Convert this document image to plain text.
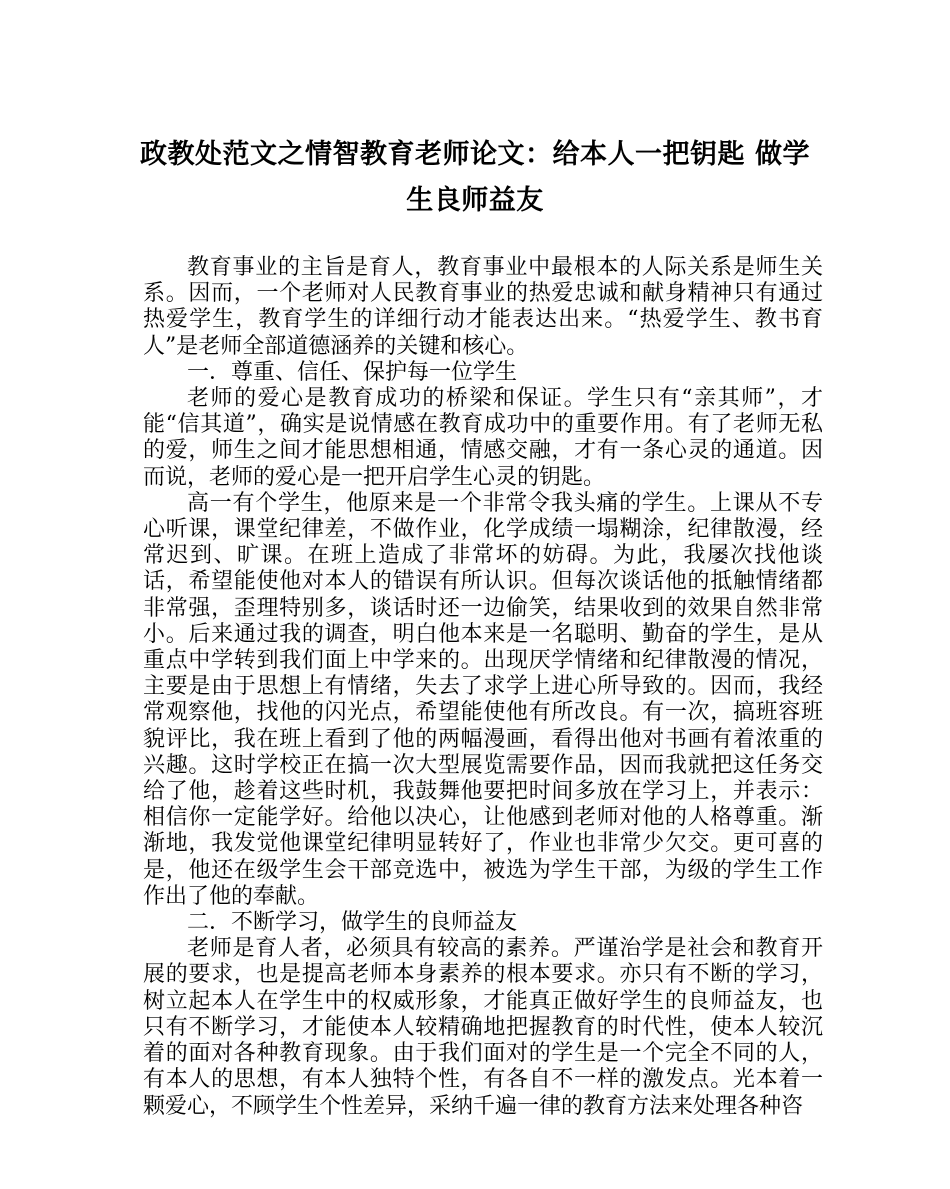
政教处范文之情智教育老师论文：给本人一把钥匙 做学生良师益友

教育事业的主旨是育人，教育事业中最根本的人际关系是师生关系。因而，一个老师对人民教育事业的热爱忠诚和献身精神只有通过热爱学生，教育学生的详细行动才能表达出来。“热爱学生、教书育人”是老师全部道德涵养的关键和核心。

一．尊重、信任、保护每一位学生

老师的爱心是教育成功的桥梁和保证。学生只有“亲其师”，才能“信其道”，确实是说情感在教育成功中的重要作用。有了老师无私的爱，师生之间才能思想相通，情感交融，才有一条心灵的通道。因而说，老师的爱心是一把开启学生心灵的钥匙。

高一有个学生，他原来是一个非常令我头痛的学生。上课从不专心听课，课堂纪律差，不做作业，化学成绩一塌糊涂，纪律散漫，经常迟到、旷课。在班上造成了非常坏的妨碍。为此，我屡次找他谈话，希望能使他对本人的错误有所认识。但每次谈话他的抵触情绪都非常强，歪理特别多，谈话时还一边偷笑，结果收到的效果自然非常小。后来通过我的调查，明白他本来是一名聪明、勤奋的学生，是从重点中学转到我们面上中学来的。出现厌学情绪和纪律散漫的情况，主要是由于思想上有情绪，失去了求学上进心所导致的。因而，我经常观察他，找他的闪光点，希望能使他有所改良。有一次，搞班容班貌评比，我在班上看到了他的两幅漫画，看得出他对书画有着浓重的兴趣。这时学校正在搞一次大型展览需要作品，因而我就把这任务交给了他，趁着这些时机，我鼓舞他要把时间多放在学习上，并表示：相信你一定能学好。给他以决心，让他感到老师对他的人格尊重。渐渐地，我发觉他课堂纪律明显转好了，作业也非常少欠交。更可喜的是，他还在级学生会干部竞选中，被选为学生干部，为级的学生工作作出了他的奉献。

二．不断学习，做学生的良师益友

老师是育人者，必须具有较高的素养。严谨治学是社会和教育开展的要求，也是提高老师本身素养的根本要求。亦只有不断的学习，树立起本人在学生中的权威形象，才能真正做好学生的良师益友，也只有不断学习，才能使本人较精确地把握教育的时代性，使本人较沉着的面对各种教育现象。由于我们面对的学生是一个完全不同的人，有本人的思想，有本人独特个性，有各自不一样的激发点。光本着一颗爱心，不顾学生个性差异，采纳千遍一律的教育方法来处理各种咨
